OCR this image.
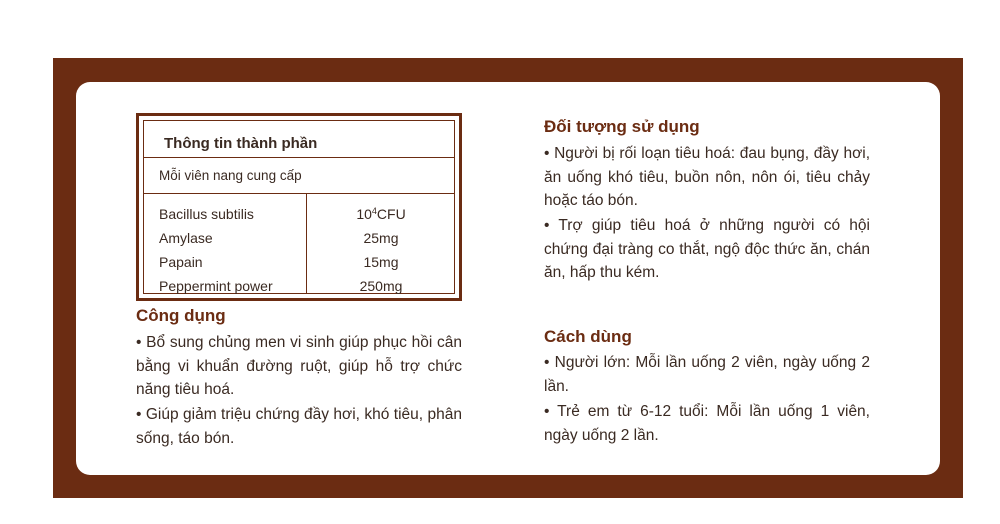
Thông tin thành phần
Mỗi viên nang cung cấp
Bacillus subtilis	$10^4CFU$
Amylase	25mg
Papain	15mg
Peppermint power	250mg
Công dụng
• Bổ sung chủng men vi sinh giúp phục hồi cân bằng vi khuẩn đường ruột, giúp hỗ trợ chức năng tiêu hoá.
• Giúp giảm triệu chứng đầy hơi, khó tiêu, phân sống, táo bón.
Đối tượng sử dụng
• Người bị rối loạn tiêu hoá: đau bụng, đầy hơi, ăn uống khó tiêu, buồn nôn, nôn ói, tiêu chảy hoặc táo bón.
• Trợ giúp tiêu hoá ở những người có hội chứng đại tràng co thắt, ngộ độc thức ăn, chán ăn, hấp thu kém.
Cách dùng
• Người lớn: Mỗi lần uống 2 viên, ngày uống 2 lần.
• Trẻ em từ 6-12 tuổi: Mỗi lần uống 1 viên, ngày uống 2 lần.
